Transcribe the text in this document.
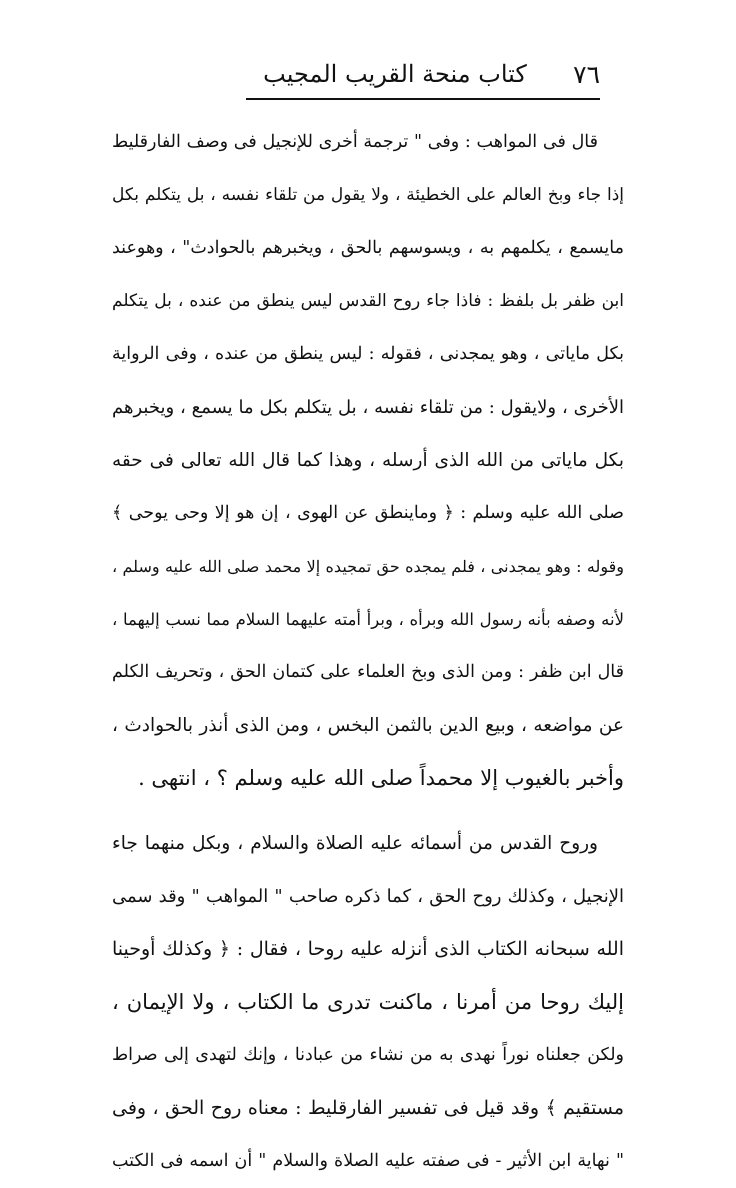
٧٦
كتاب منحة القريب المجيب
قال فى المواهب : وفى " ترجمة أخرى للإنجيل فى وصف الفارقليط
إذا جاء وبخ العالم على الخطيئة ، ولا يقول من تلقاء نفسه ، بل يتكلم بكل
مايسمع ، يكلمهم به ، ويسوسهم بالحق ، ويخبرهم بالحوادث" ، وهوعند
ابن ظفر بل بلفظ : فاذا جاء روح القدس ليس ينطق من عنده ، بل يتكلم
بكل ماياتى ، وهو يمجدنى ، فقوله : ليس ينطق من عنده ، وفى الرواية
الأخرى ، ولايقول : من تلقاء نفسه ، بل يتكلم بكل ما يسمع ، ويخبرهم
بكل ماياتى من الله الذى أرسله ، وهذا كما قال الله تعالى فى حقه
صلى الله عليه وسلم : ﴿ وماينطق عن الهوى ، إن هو إلا وحى يوحى ﴾
وقوله : وهو يمجدنى ، فلم يمجده حق تمجيده إلا محمد صلى الله عليه وسلم ،
لأنه وصفه بأنه رسول الله وبرأه ، وبرأ أمته عليهما السلام مما نسب إليهما ،
قال ابن ظفر : ومن الذى وبخ العلماء على كتمان الحق ، وتحريف الكلم
عن مواضعه ، وبيع الدين بالثمن البخس ، ومن الذى أنذر بالحوادث ،
وأخبر بالغيوب إلا محمداً صلى الله عليه وسلم ؟ ، انتهى .
وروح القدس من أسمائه عليه الصلاة والسلام ، وبكل منهما جاء
الإنجيل ، وكذلك روح الحق ، كما ذكره صاحب " المواهب " وقد سمى
الله سبحانه الكتاب الذى أنزله عليه روحا ، فقال : ﴿ وكذلك أوحينا
إليك روحا من أمرنا ، ماكنت تدرى ما الكتاب ، ولا الإيمان ،
ولكن جعلناه نوراً نهدى به من نشاء من عبادنا ، وإنك لتهدى إلى صراط
مستقيم ﴾ وقد قيل فى تفسير الفارقليط : معناه روح الحق ، وفى
" نهاية ابن الأثير - فى صفته عليه الصلاة والسلام " أن اسمه فى الكتب
